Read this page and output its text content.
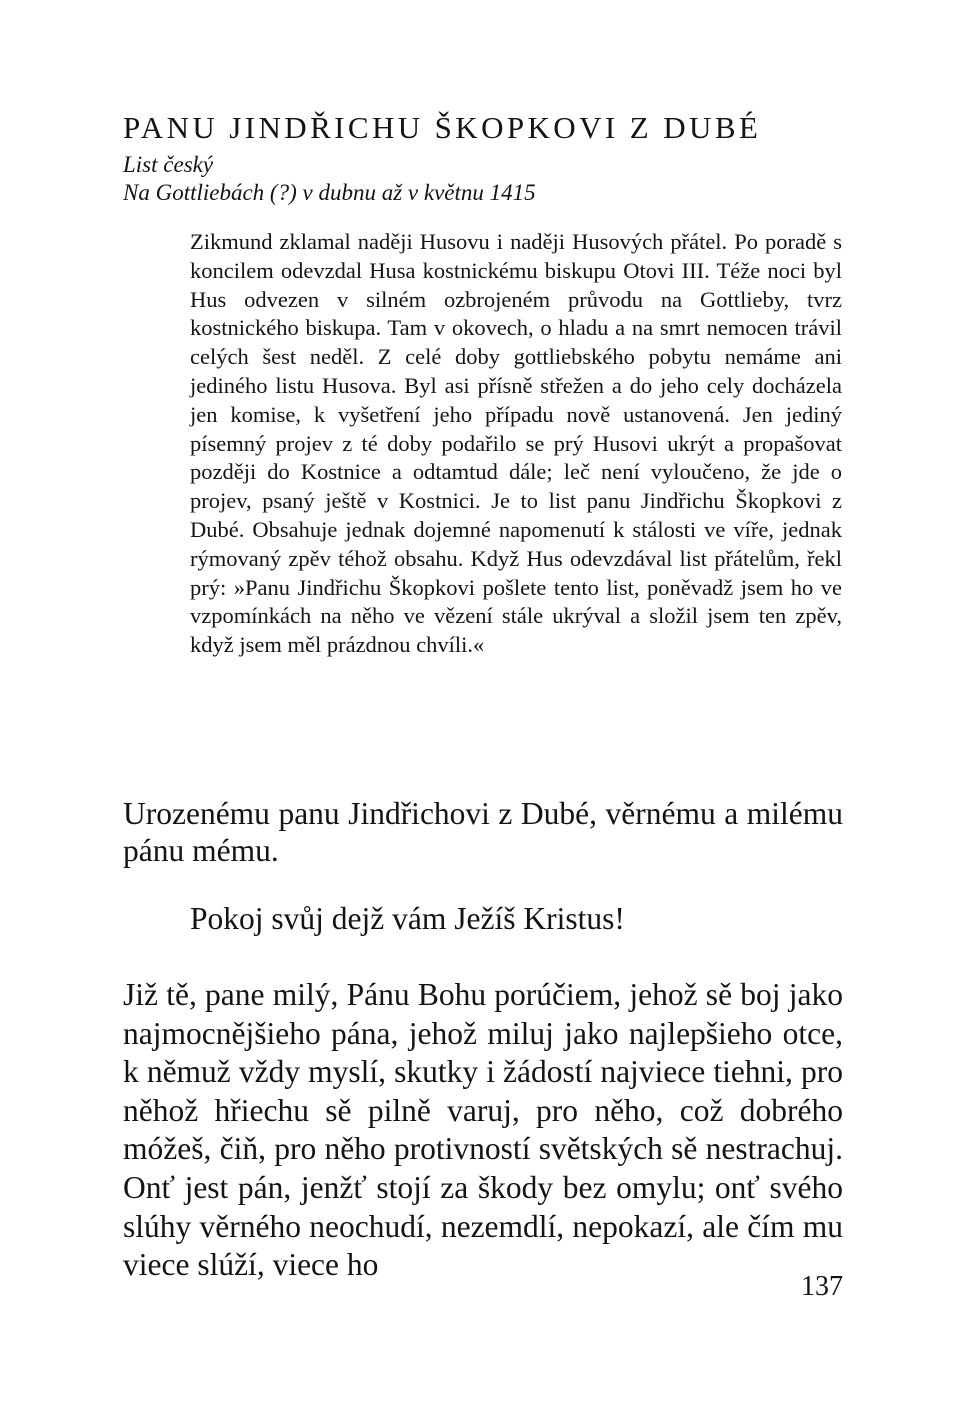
PANU JINDŘICHU ŠKOPKOVI Z DUBÉ
List český
Na Gottliebách (?) v dubnu až v květnu 1415
Zikmund zklamal naději Husovu i naději Husových přátel. Po poradě s koncilem odevzdal Husa kostnickému biskupu Otovi III. Téže noci byl Hus odvezen v silném ozbrojeném průvodu na Gottlieby, tvrz kostnického biskupa. Tam v okovech, o hladu a na smrt nemocen trávil celých šest neděl. Z celé doby gottliebského pobytu nemáme ani jediného listu Husova. Byl asi přísně střežen a do jeho cely docházela jen komise, k vyšetření jeho případu nově ustanovená. Jen jediný písemný projev z té doby podařilo se prý Husovi ukrýt a propašovat později do Kostnice a odtamtud dále; leč není vyloučeno, že jde o projev, psaný ještě v Kostnici. Je to list panu Jindřichu Škopkovi z Dubé. Obsahuje jednak dojemné napomenutí k stálosti ve víře, jednak rýmovaný zpěv téhož obsahu. Když Hus odevzdával list přátelům, řekl prý: »Panu Jindřichu Škopkovi pošlete tento list, poněvadž jsem ho ve vzpomínkách na něho ve vězení stále ukrýval a složil jsem ten zpěv, když jsem měl prázdnou chvíli.«
Urozenému panu Jindřichovi z Dubé, věrnému a milému pánu mému.
Pokoj svůj dejž vám Ježíš Kristus!
Již tě, pane milý, Pánu Bohu porúčiem, jehož sě boj jako najmocnějšieho pána, jehož miluj jako najlepšieho otce, k němuž vždy myslí, skutky i žádostí najviece tiehni, pro něhož hřiechu sě pilně varuj, pro něho, což dobrého móžeš, čiň, pro něho protivností světských sě nestrachuj. Onť jest pán, jenžť stojí za škody bez omylu; onť svého slúhy věrného neochudí, nezemdlí, nepokazí, ale čím mu viece slúží, viece ho
137
